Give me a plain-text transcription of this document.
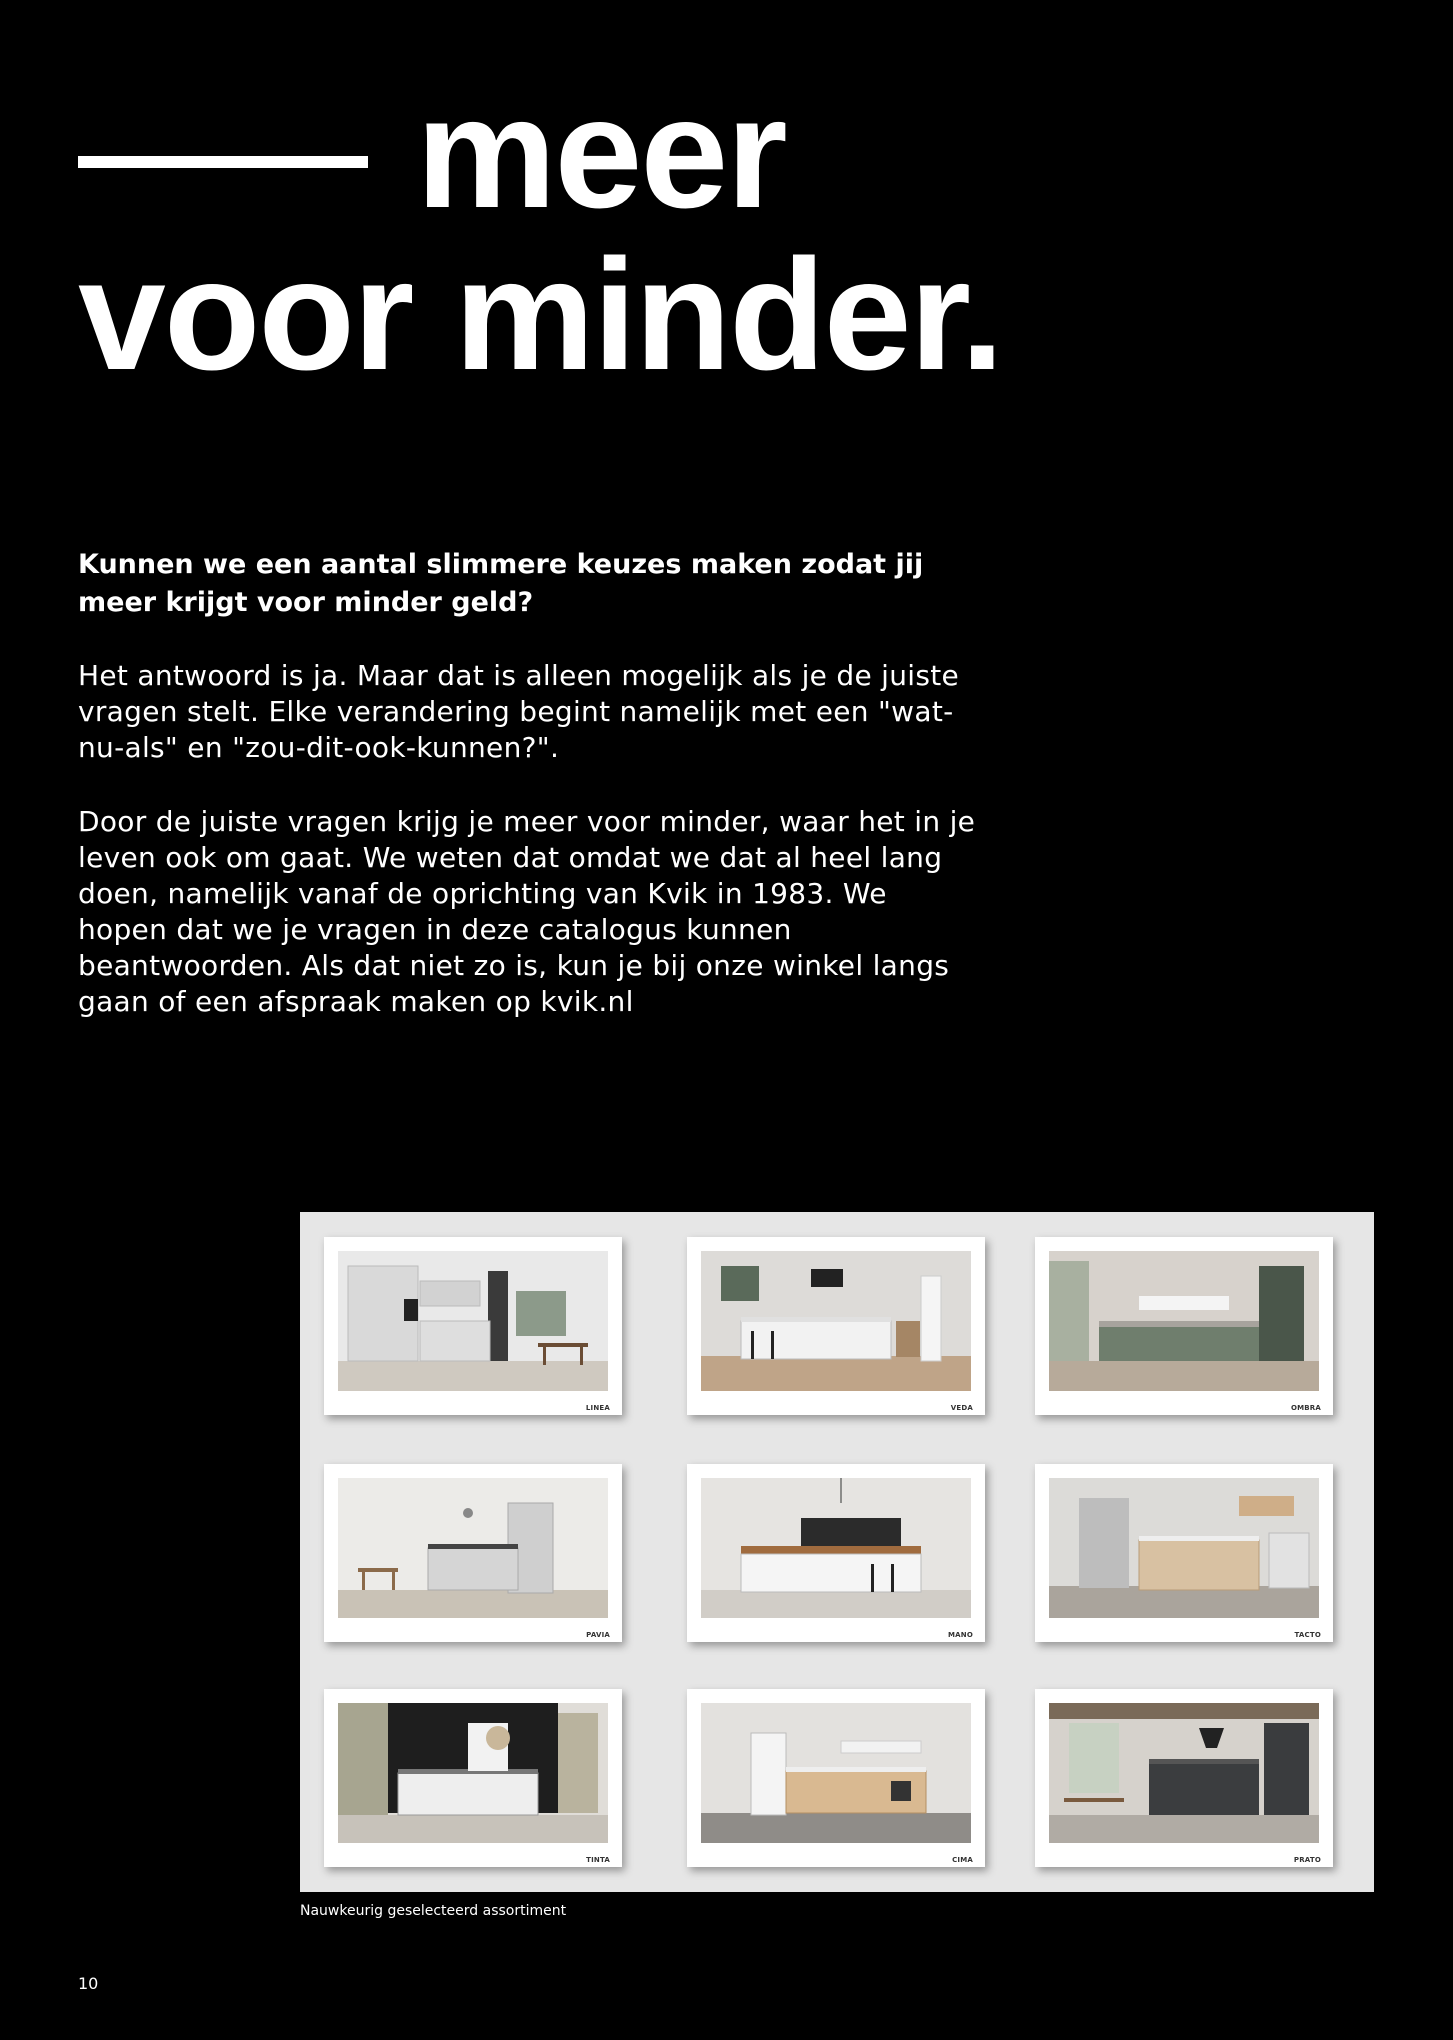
meer
voor minder.

Kunnen we een aantal slimmere keuzes maken zodat jij meer krijgt voor minder geld?

Het antwoord is ja. Maar dat is alleen mogelijk als je de juiste vragen stelt. Elke verandering begint namelijk met een "wat-nu-als" en "zou-dit-ook-kunnen?".

Door de juiste vragen krijg je meer voor minder, waar het in je leven ook om gaat. We weten dat omdat we dat al heel lang doen, namelijk vanaf de oprichting van Kvik in 1983. We hopen dat we je vragen in deze catalogus kunnen beantwoorden. Als dat niet zo is, kun je bij onze winkel langs gaan of een afspraak maken op kvik.nl

LINEA	VEDA	OMBRA
PAVIA	MANO	TACTO
TINTA	CIMA	PRATO

Nauwkeurig geselecteerd assortiment

10
